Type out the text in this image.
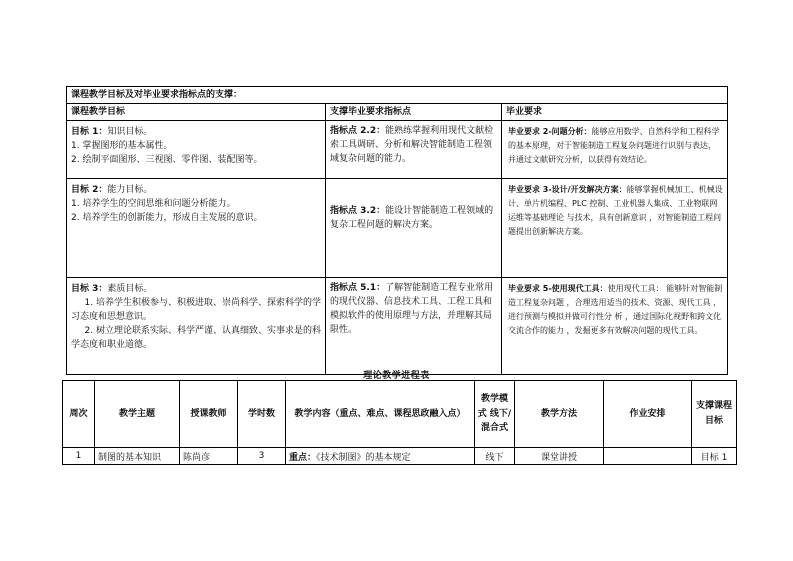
课程教学目标及对毕业要求指标点的支撑：		
课程教学目标	支撑毕业要求指标点	毕业要求

目标 1：知识目标。
1. 掌握图形的基本属性。
2. 绘制平面图形、三视图、零件图、装配图等。	指标点 2.2：能熟练掌握利用现代文献检索工具调研、分析和解决智能制造工程领域复杂问题的能力。	毕业要求 2-问题分析：能够应用数学、自然科学和工程科学的基本原理，对于智能制造工程复杂问题进行识别与表达，并通过文献研究分析，以获得有效结论。

目标 2：能力目标。
1. 培养学生的空间思维和问题分析能力。
2. 培养学生的创新能力，形成自主发展的意识。	指标点 3.2：能设计智能制造工程领域的复杂工程问题的解决方案。	毕业要求 3-设计/开发解决方案：能够掌握机械加工、机械设计、单片机编程、PLC 控制、工业机器人集成、工业物联网运维等基础理论 与技术，具有创新意识 ，对智能制造工程问题提出创新解决方案。

目标 3：素质目标。
1. 培养学生积极参与、积极进取、崇尚科学、探索科学的学习态度和思想意识。
2. 树立理论联系实际、科学严谨、认真细致、实事求是的科学态度和职业道德。	指标点 5.1：了解智能制造工程专业常用的现代仪器、信息技术工具、工程工具和模拟软件的使用原理与方法，并理解其局限性。	毕业要求 5-使用现代工具：使用现代工具： 能够针对智能制造工程复杂问题 ，合理选用适当的技术、资源、现代工具 ，进行预测与模拟并做可行性分 析 ，通过国际化视野和跨文化交流合作的能力 ，发掘更多有效解决问题的现代工具。
理论教学进程表
周次	教学主题	授课教师	学时数	教学内容（重点、难点、课程思政融入点）	教学模式 线下/混合式	教学方法	作业安排	支撑课程目标
1	制图的基本知识	陈尚彦	3	重点：《技术制图》的基本规定	线下	课堂讲授		目标 1
